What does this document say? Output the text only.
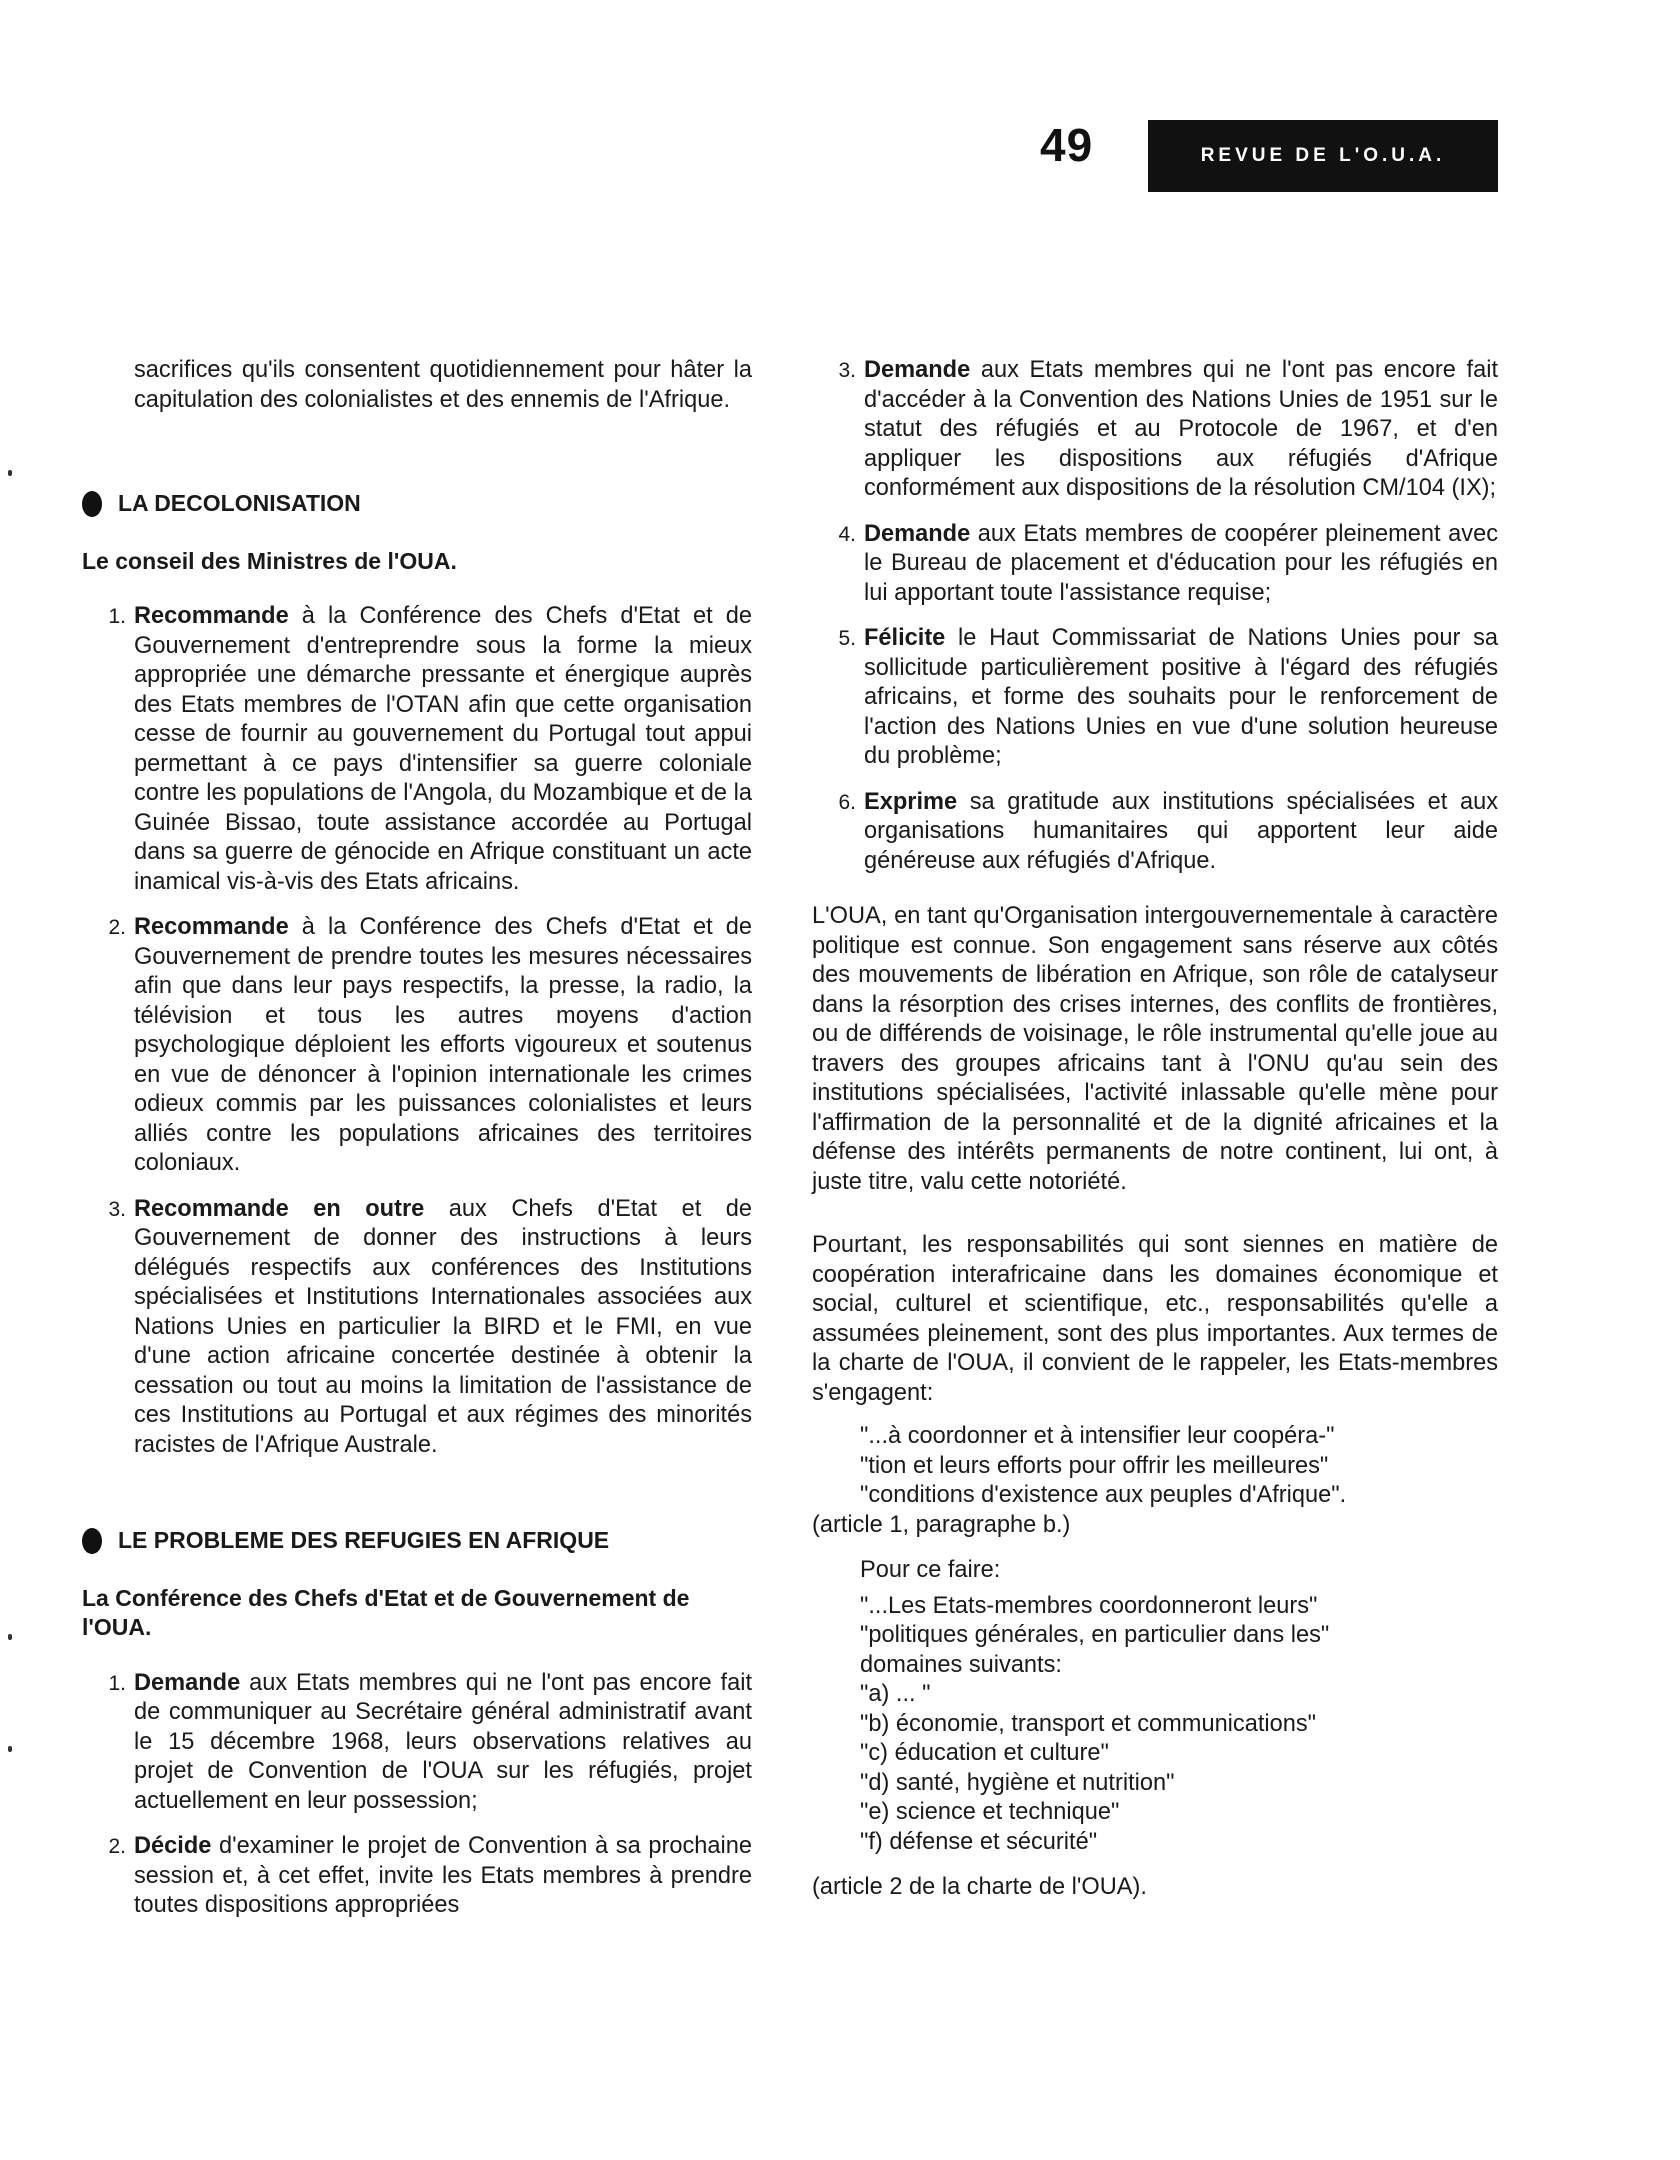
49	REVUE DE L'O.U.A.

sacrifices qu'ils consentent quotidiennement pour hâter la capitulation des colonialistes et des ennemis de l'Afrique.

LA DECOLONISATION
Le conseil des Ministres de l'OUA.
1. Recommande à la Conférence des Chefs d'Etat et de Gouvernement d'entreprendre sous la forme la mieux appropriée une démarche pressante et énergique auprès des Etats membres de l'OTAN afin que cette organisation cesse de fournir au gouvernement du Portugal tout appui permettant à ce pays d'intensifier sa guerre coloniale contre les populations de l'Angola, du Mozambique et de la Guinée Bissao, toute assistance accordée au Portugal dans sa guerre de génocide en Afrique constituant un acte inamical vis-à-vis des Etats africains.
2. Recommande à la Conférence des Chefs d'Etat et de Gouvernement de prendre toutes les mesures nécessaires afin que dans leur pays respectifs, la presse, la radio, la télévision et tous les autres moyens d'action psychologique déploient les efforts vigoureux et soutenus en vue de dénoncer à l'opinion internationale les crimes odieux commis par les puissances colonialistes et leurs alliés contre les populations africaines des territoires coloniaux.
3. Recommande en outre aux Chefs d'Etat et de Gouvernement de donner des instructions à leurs délégués respectifs aux conférences des Institutions spécialisées et Institutions Internationales associées aux Nations Unies en particulier la BIRD et le FMI, en vue d'une action africaine concertée destinée à obtenir la cessation ou tout au moins la limitation de l'assistance de ces Institutions au Portugal et aux régimes des minorités racistes de l'Afrique Australe.
LE PROBLEME DES REFUGIES EN AFRIQUE
La Conférence des Chefs d'Etat et de Gouvernement de l'OUA.
1. Demande aux Etats membres qui ne l'ont pas encore fait de communiquer au Secrétaire général administratif avant le 15 décembre 1968, leurs observations relatives au projet de Convention de l'OUA sur les réfugiés, projet actuellement en leur possession;
2. Décide d'examiner le projet de Convention à sa prochaine session et, à cet effet, invite les Etats membres à prendre toutes dispositions appropriées
3. Demande aux Etats membres qui ne l'ont pas encore fait d'accéder à la Convention des Nations Unies de 1951 sur le statut des réfugiés et au Protocole de 1967, et d'en appliquer les dispositions aux réfugiés d'Afrique conformément aux dispositions de la résolution CM/104 (IX);
4. Demande aux Etats membres de coopérer pleinement avec le Bureau de placement et d'éducation pour les réfugiés en lui apportant toute l'assistance requise;
5. Félicite le Haut Commissariat de Nations Unies pour sa sollicitude particulièrement positive à l'égard des réfugiés africains, et forme des souhaits pour le renforcement de l'action des Nations Unies en vue d'une solution heureuse du problème;
6. Exprime sa gratitude aux institutions spécialisées et aux organisations humanitaires qui apportent leur aide généreuse aux réfugiés d'Afrique.

L'OUA, en tant qu'Organisation intergouvernementale à caractère politique est connue. Son engagement sans réserve aux côtés des mouvements de libération en Afrique, son rôle de catalyseur dans la résorption des crises internes, des conflits de frontières, ou de différends de voisinage, le rôle instrumental qu'elle joue au travers des groupes africains tant à l'ONU qu'au sein des institutions spécialisées, l'activité inlassable qu'elle mène pour l'affirmation de la personnalité et de la dignité africaines et la défense des intérêts permanents de notre continent, lui ont, à juste titre, valu cette notoriété.

Pourtant, les responsabilités qui sont siennes en matière de coopération interafricaine dans les domaines économique et social, culturel et scientifique, etc., responsabilités qu'elle a assumées pleinement, sont des plus importantes. Aux termes de la charte de l'OUA, il convient de le rappeler, les Etats-membres s'engagent:

"...à coordonner et à intensifier leur coopéra-"
"tion et leurs efforts pour offrir les meilleures"
"conditions d'existence aux peuples d'Afrique".
(article 1, paragraphe b.)
Pour ce faire:
"...Les Etats-membres coordonneront leurs"
"politiques générales, en particulier dans les"
domaines suivants:
"a) ... "
"b) économie, transport et communications"
"c) éducation et culture"
"d) santé, hygiène et nutrition"
"e) science et technique"
"f) défense et sécurité"
(article 2 de la charte de l'OUA).
